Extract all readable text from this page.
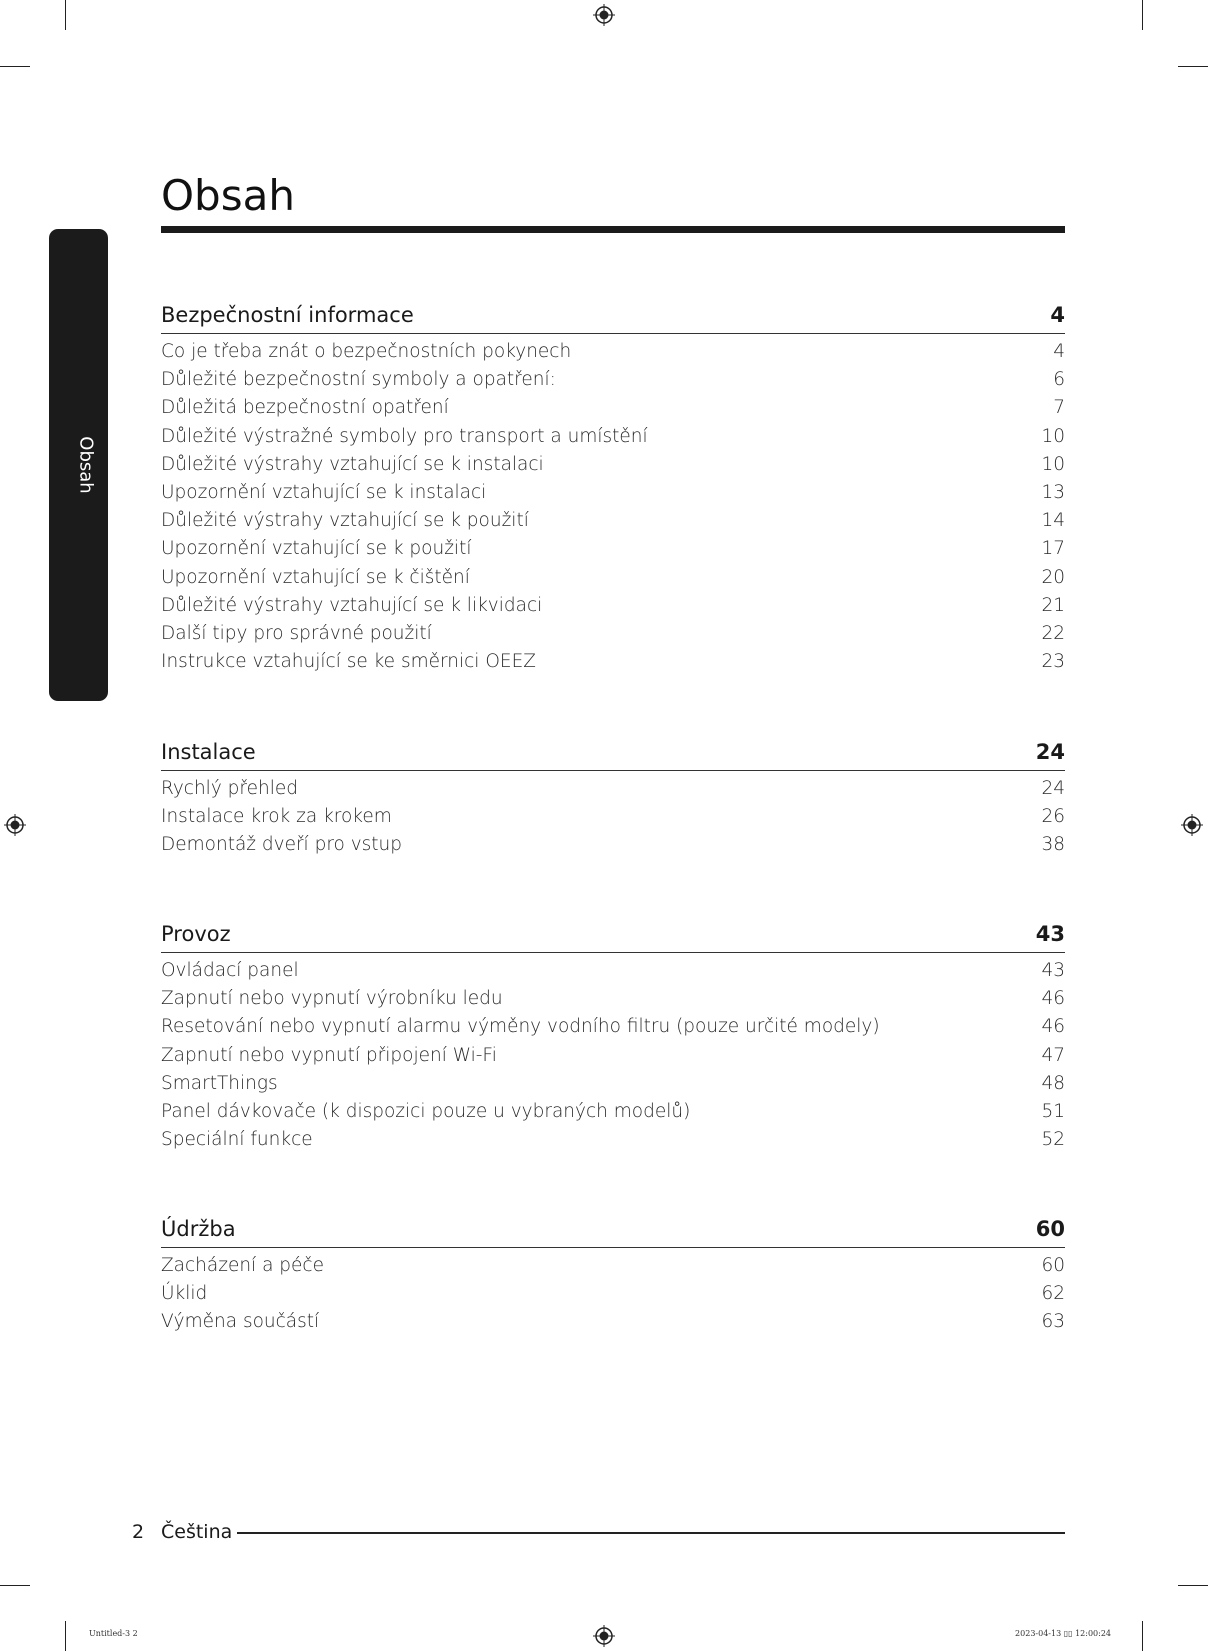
Obsah
Obsah
Bezpečnostní informace	4
Co je třeba znát o bezpečnostních pokynech	4
Důležité bezpečnostní symboly a opatření:	6
Důležitá bezpečnostní opatření	7
Důležité výstražné symboly pro transport a umístění	10
Důležité výstrahy vztahující se k instalaci	10
Upozornění vztahující se k instalaci	13
Důležité výstrahy vztahující se k použití	14
Upozornění vztahující se k použití	17
Upozornění vztahující se k čištění	20
Důležité výstrahy vztahující se k likvidaci	21
Další tipy pro správné použití	22
Instrukce vztahující se ke směrnici OEEZ	23
Instalace	24
Rychlý přehled	24
Instalace krok za krokem	26
Demontáž dveří pro vstup	38
Provoz	43
Ovládací panel	43
Zapnutí nebo vypnutí výrobníku ledu	46
Resetování nebo vypnutí alarmu výměny vodního filtru (pouze určité modely)	46
Zapnutí nebo vypnutí připojení Wi-Fi	47
SmartThings	48
Panel dávkovače (k dispozici pouze u vybraných modelů)	51
Speciální funkce	52
Údržba	60
Zacházení a péče	60
Úklid	62
Výměna součástí	63
2 Čeština
Untitled-3 2	2023-04-13 ▯▯ 12:00:24
